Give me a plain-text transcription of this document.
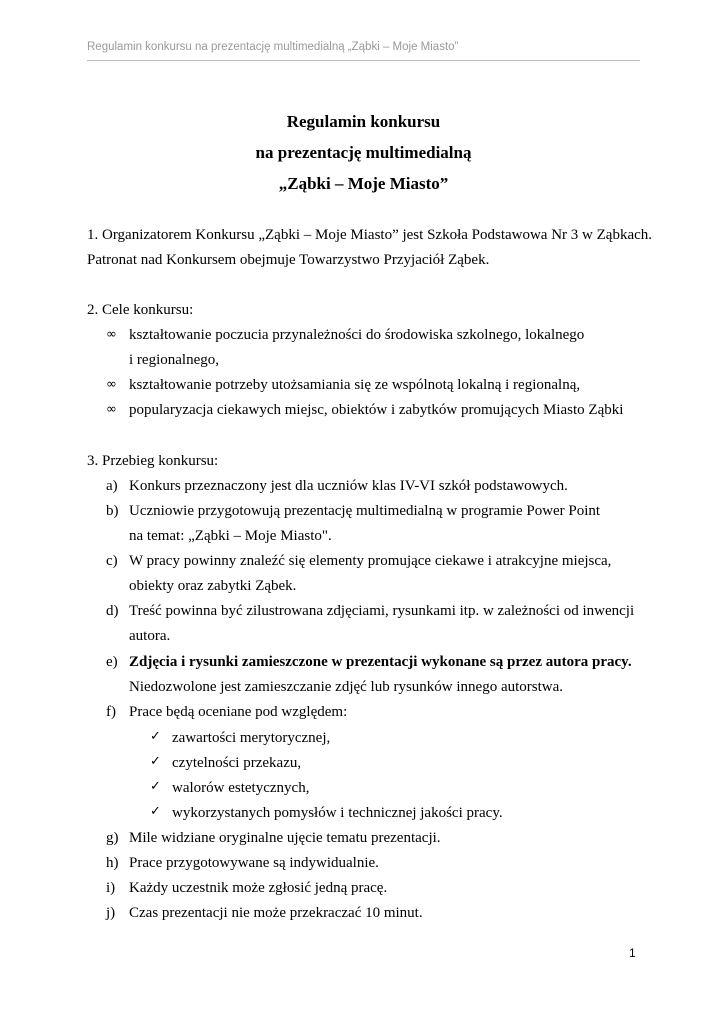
Regulamin konkursu na prezentację multimedialną „Ząbki – Moje Miasto”
Regulamin konkursu
na prezentację multimedialną
„Ząbki – Moje Miasto”
1. Organizatorem Konkursu „Ząbki – Moje Miasto” jest Szkoła Podstawowa Nr 3 w Ząbkach.
Patronat nad Konkursem obejmuje Towarzystwo Przyjaciół Ząbek.
2. Cele konkursu:
∞ kształtowanie poczucia przynależności do środowiska szkolnego, lokalnego
i regionalnego,
∞ kształtowanie potrzeby utożsamiania się ze wspólnotą lokalną i regionalną,
∞ popularyzacja ciekawych miejsc, obiektów i zabytków promujących Miasto Ząbki
3. Przebieg konkursu:
a) Konkurs przeznaczony jest dla uczniów klas IV-VI szkół podstawowych.
b) Uczniowie przygotowują prezentację multimedialną w programie Power Point
na temat: „Ząbki – Moje Miasto".
c) W pracy powinny znaleźć się elementy promujące ciekawe i atrakcyjne miejsca,
obiekty oraz zabytki Ząbek.
d) Treść powinna być zilustrowana zdjęciami, rysunkami itp. w zależności od inwencji
autora.
e) Zdjęcia i rysunki zamieszczone w prezentacji wykonane są przez autora pracy.
Niedozwolone jest zamieszczanie zdjęć lub rysunków innego autorstwa.
f) Prace będą oceniane pod względem:
✓ zawartości merytorycznej,
✓ czytelności przekazu,
✓ walorów estetycznych,
✓ wykorzystanych pomysłów i technicznej jakości pracy.
g) Mile widziane oryginalne ujęcie tematu prezentacji.
h) Prace przygotowywane są indywidualnie.
i) Każdy uczestnik może zgłosić jedną pracę.
j) Czas prezentacji nie może przekraczać 10 minut.
1
